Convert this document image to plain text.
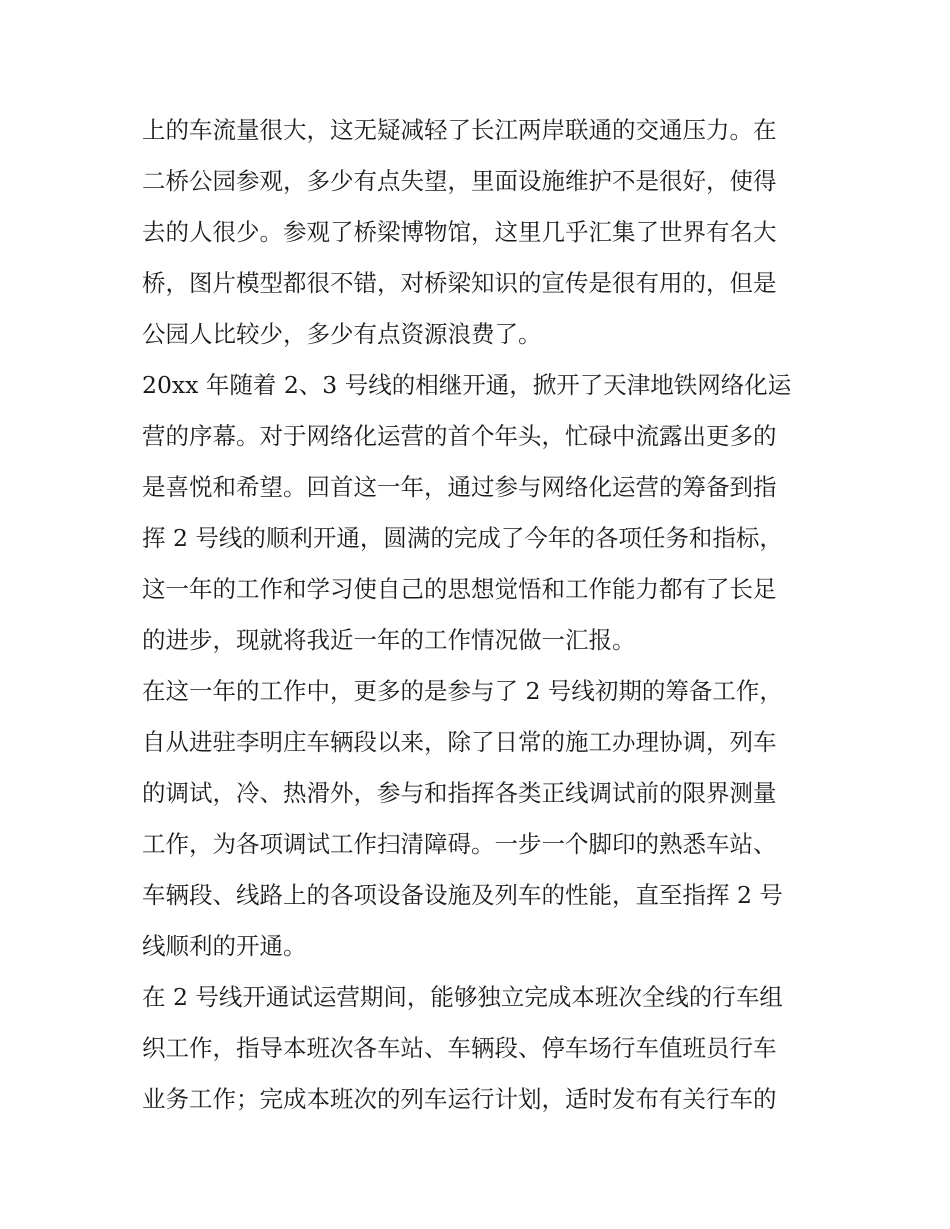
上的车流量很大，这无疑减轻了长江两岸联通的交通压力。在

二桥公园参观，多少有点失望，里面设施维护不是很好，使得

去的人很少。参观了桥梁博物馆，这里几乎汇集了世界有名大

桥，图片模型都很不错，对桥梁知识的宣传是很有用的，但是

公园人比较少，多少有点资源浪费了。

20xx 年随着 2、3 号线的相继开通，掀开了天津地铁网络化运

营的序幕。对于网络化运营的首个年头，忙碌中流露出更多的

是喜悦和希望。回首这一年，通过参与网络化运营的筹备到指

挥 2 号线的顺利开通，圆满的完成了今年的各项任务和指标，

这一年的工作和学习使自己的思想觉悟和工作能力都有了长足

的进步，现就将我近一年的工作情况做一汇报。

在这一年的工作中，更多的是参与了 2 号线初期的筹备工作，

自从进驻李明庄车辆段以来，除了日常的施工办理协调，列车

的调试，冷、热滑外，参与和指挥各类正线调试前的限界测量

工作，为各项调试工作扫清障碍。一步一个脚印的熟悉车站、

车辆段、线路上的各项设备设施及列车的性能，直至指挥 2 号

线顺利的开通。

在 2 号线开通试运营期间，能够独立完成本班次全线的行车组

织工作，指导本班次各车站、车辆段、停车场行车值班员行车

业务工作；完成本班次的列车运行计划，适时发布有关行车的
